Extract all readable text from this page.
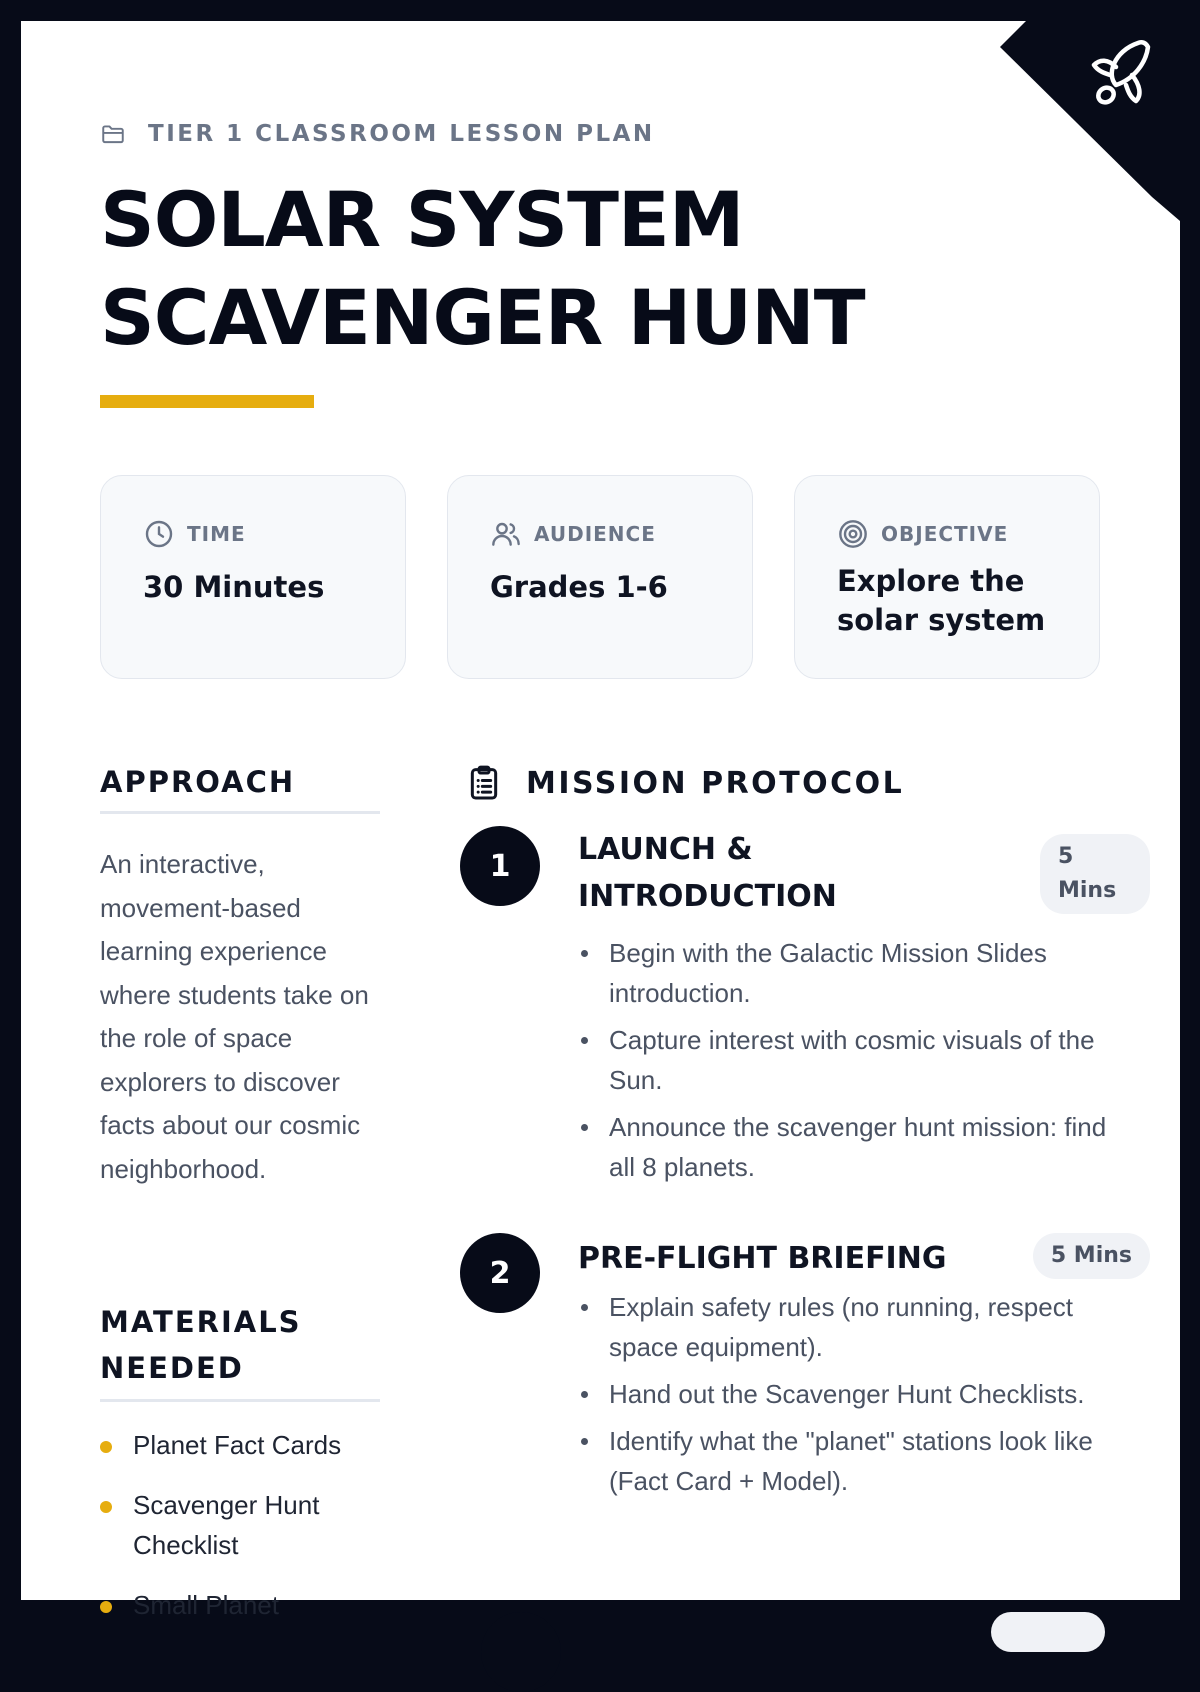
TIER 1 CLASSROOM LESSON PLAN
SOLAR SYSTEM
SCAVENGER HUNT
TIME
30 Minutes
AUDIENCE
Grades 1-6
OBJECTIVE
Explore the solar system
APPROACH

An interactive, movement-based learning experience where students take on the role of space explorers to discover facts about our cosmic neighborhood.

MATERIALS NEEDED
Planet Fact Cards
Scavenger Hunt Checklist
Small Planet
MISSION PROTOCOL
1	LAUNCH & INTRODUCTION
5 Mins
Begin with the Galactic Mission Slides introduction.
Capture interest with cosmic visuals of the Sun.
Announce the scavenger hunt mission: find all 8 planets.
2	PRE-FLIGHT BRIEFING	5 Mins
Explain safety rules (no running, respect space equipment).
Hand out the Scavenger Hunt Checklists.
Identify what the "planet" stations look like (Fact Card + Model).
